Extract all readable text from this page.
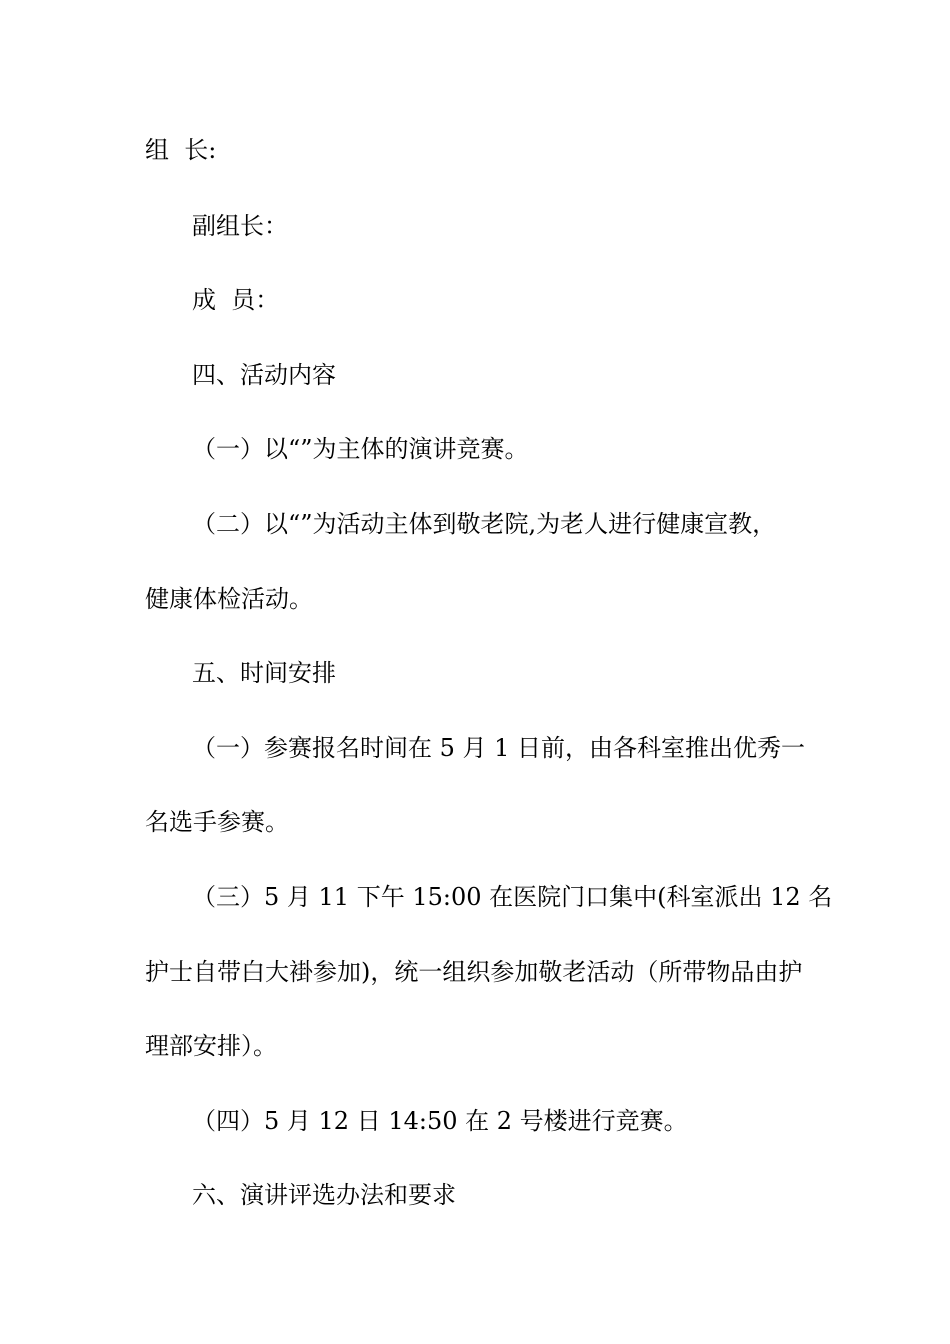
组  长:
副组长：
成  员：
四、活动内容
（一）以“”为主体的演讲竞赛。
（二）以“”为活动主体到敬老院,为老人进行健康宣教，
健康体检活动。
五、时间安排
（一）参赛报名时间在 5 月 1 日前，由各科室推出优秀一
名选手参赛。
（三）5 月 11 下午 15:00 在医院门口集中(科室派出 12 名
护士自带白大褂参加)，统一组织参加敬老活动（所带物品由护
理部安排）。
（四）5 月 12 日 14:50 在 2 号楼进行竞赛。
六、演讲评选办法和要求
